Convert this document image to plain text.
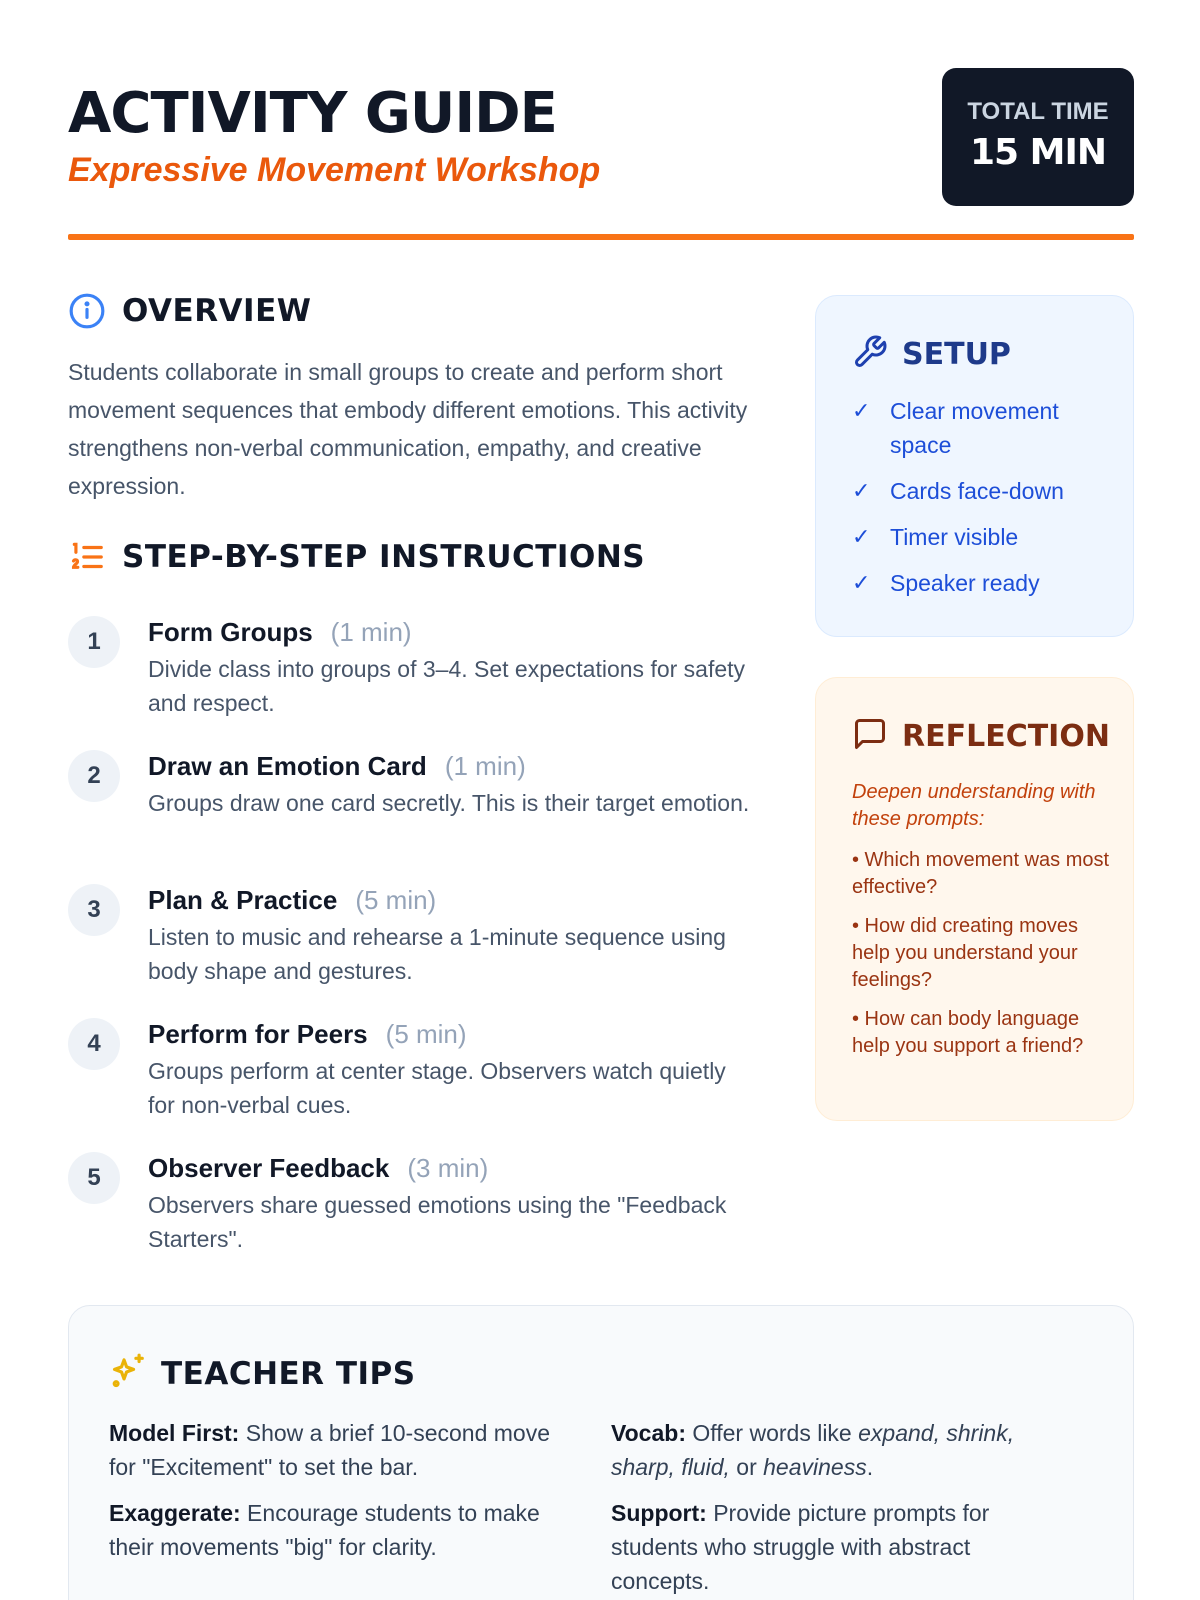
ACTIVITY GUIDE
Expressive Movement Workshop
TOTAL TIME
15 MIN
OVERVIEW

Students collaborate in small groups to create and perform short movement sequences that embody different emotions. This activity strengthens non-verbal communication, empathy, and creative expression.

STEP-BY-STEP INSTRUCTIONS
1	Form Groups (1 min)
Divide class into groups of 3–4. Set expectations for safety and respect.
2	Draw an Emotion Card (1 min)
Groups draw one card secretly. This is their target emotion.
3	Plan & Practice (5 min)
Listen to music and rehearse a 1-minute sequence using body shape and gestures.
4	Perform for Peers (5 min)
Groups perform at center stage. Observers watch quietly for non-verbal cues.
5	Observer Feedback (3 min)
Observers share guessed emotions using the "Feedback Starters".
SETUP
✓ Clear movement space
✓ Cards face-down
✓ Timer visible
✓ Speaker ready
REFLECTION

Deepen understanding with these prompts:

• Which movement was most effective?
• How did creating moves help you understand your feelings?
• How can body language help you support a friend?
TEACHER TIPS

Model First: Show a brief 10-second move for "Excitement" to set the bar.

Exaggerate: Encourage students to make their movements "big" for clarity.

Vocab: Offer words like expand, shrink, sharp, fluid, or heaviness.

Support: Provide picture prompts for students who struggle with abstract concepts.
